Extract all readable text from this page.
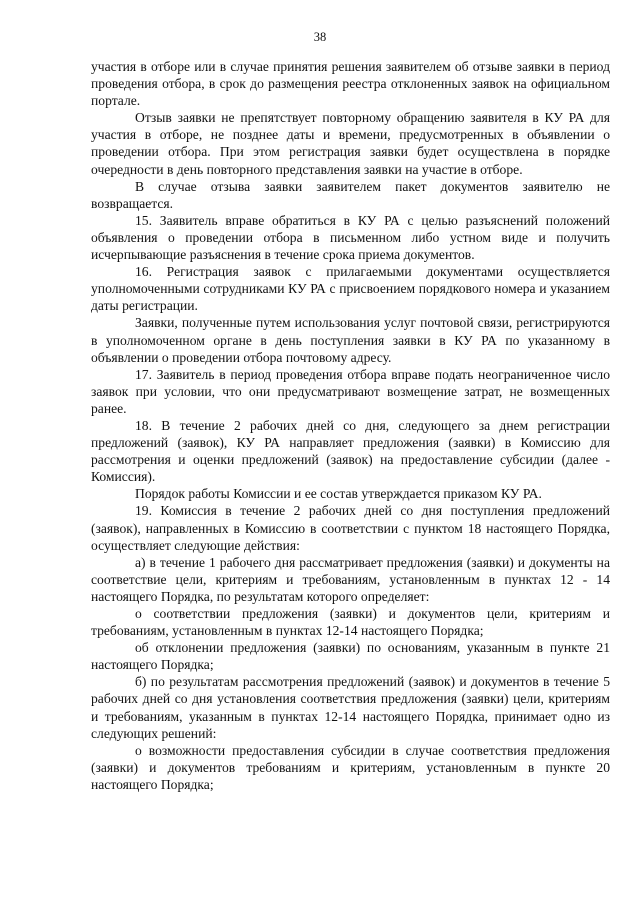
38

участия в отборе или в случае принятия решения заявителем об отзыве заявки в период проведения отбора, в срок до размещения реестра отклоненных заявок на официальном портале.

Отзыв заявки не препятствует повторному обращению заявителя в КУ РА для участия в отборе, не позднее даты и времени, предусмотренных в объявлении о проведении отбора. При этом регистрация заявки будет осуществлена в порядке очередности в день повторного представления заявки на участие в отборе.

В случае отзыва заявки заявителем пакет документов заявителю не возвращается.

15. Заявитель вправе обратиться в КУ РА с целью разъяснений положений объявления о проведении отбора в письменном либо устном виде и получить исчерпывающие разъяснения в течение срока приема документов.

16. Регистрация заявок с прилагаемыми документами осуществляется уполномоченными сотрудниками КУ РА с присвоением порядкового номера и указанием даты регистрации.

Заявки, полученные путем использования услуг почтовой связи, регистрируются в уполномоченном органе в день поступления заявки в КУ РА по указанному в объявлении о проведении отбора почтовому адресу.

17. Заявитель в период проведения отбора вправе подать неограниченное число заявок при условии, что они предусматривают возмещение затрат, не возмещенных ранее.

18. В течение 2 рабочих дней со дня, следующего за днем регистрации предложений (заявок), КУ РА направляет предложения (заявки) в Комиссию для рассмотрения и оценки предложений (заявок) на предоставление субсидии (далее - Комиссия).

Порядок работы Комиссии и ее состав утверждается приказом КУ РА.

19. Комиссия в течение 2 рабочих дней со дня поступления предложений (заявок), направленных в Комиссию в соответствии с пунктом 18 настоящего Порядка, осуществляет следующие действия:

а) в течение 1 рабочего дня рассматривает предложения (заявки) и документы на соответствие цели, критериям и требованиям, установленным в пунктах 12 - 14 настоящего Порядка, по результатам которого определяет:

о соответствии предложения (заявки) и документов цели, критериям и требованиям, установленным в пунктах 12-14 настоящего Порядка;

об отклонении предложения (заявки) по основаниям, указанным в пункте 21 настоящего Порядка;

б) по результатам рассмотрения предложений (заявок) и документов в течение 5 рабочих дней со дня установления соответствия предложения (заявки) цели, критериям и требованиям, указанным в пунктах 12-14 настоящего Порядка, принимает одно из следующих решений:

о возможности предоставления субсидии в случае соответствия предложения (заявки) и документов требованиям и критериям, установленным в пункте 20 настоящего Порядка;
